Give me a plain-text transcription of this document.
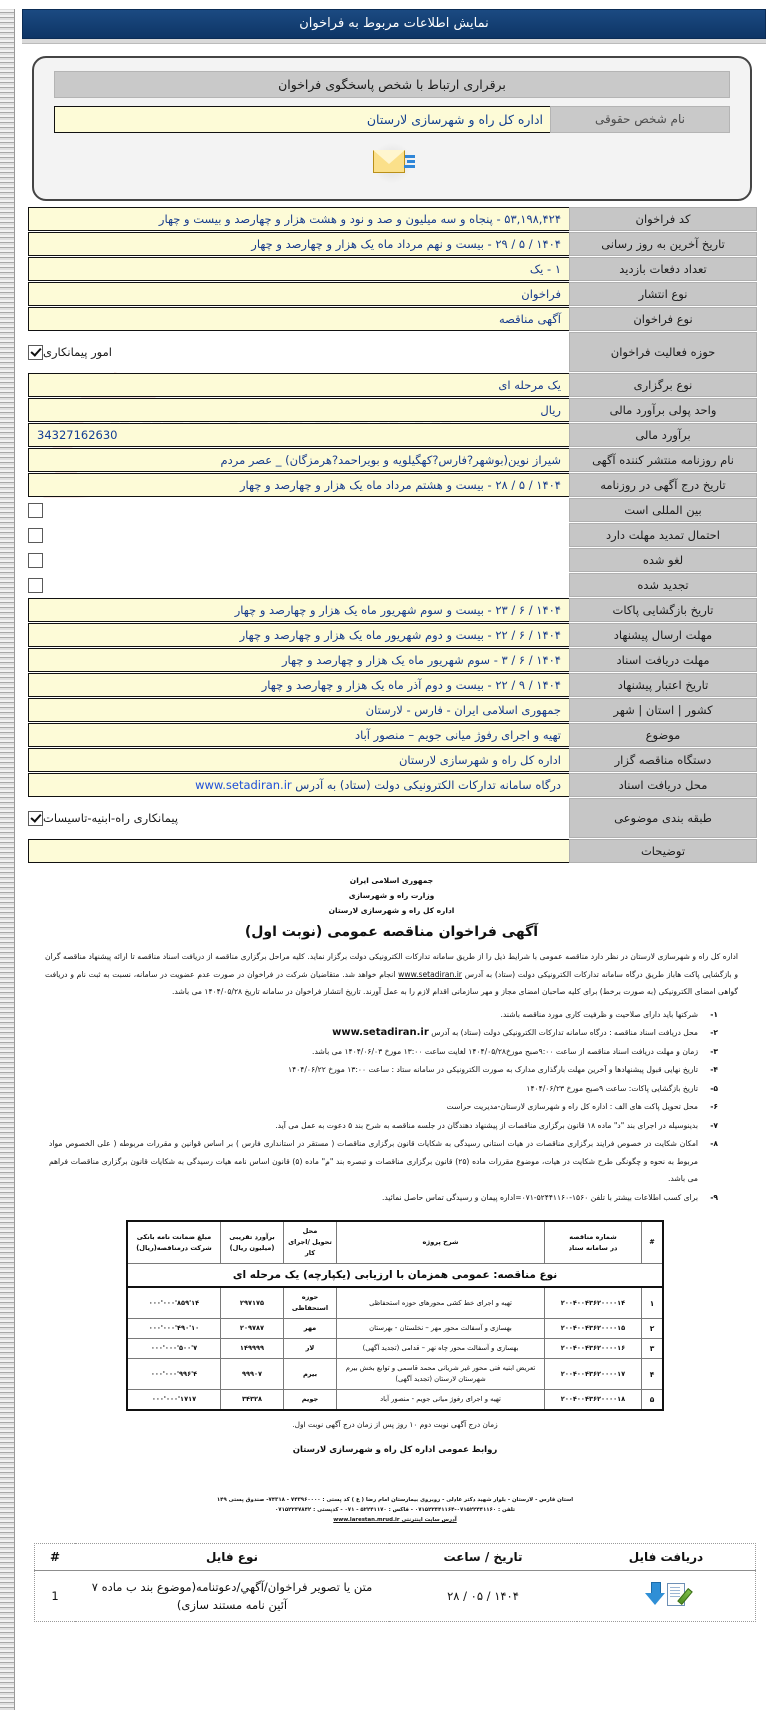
نمایش اطلاعات مربوط به فراخوان
برقراری ارتباط با شخص پاسخگوی فراخوان
نام شخص حقوقی
اداره کل راه و شهرسازی لارستان
کد فراخوان
۵۳,۱۹۸,۴۲۴ - پنجاه و سه میلیون و صد و نود و هشت هزار و چهارصد و بیست و چهار
تاریخ آخرین به روز رسانی
۱۴۰۴ / ۵ / ۲۹ - بیست و نهم مرداد ماه یک هزار و چهارصد و چهار
تعداد دفعات بازدید
۱ - یک
نوع انتشار
فراخوان
نوع فراخوان
آگهی مناقصه
حوزه فعالیت فراخوان
امور پیمانکاری
نوع برگزاری
یک مرحله ای
واحد پولی برآورد مالی
ریال
برآورد مالی
34327162630
نام روزنامه منتشر کننده آگهی
شیراز نوین(بوشهر?فارس?کهگیلویه و بویراحمد?هرمزگان) _ عصر مردم
تاریخ درج آگهی در روزنامه
۱۴۰۴ / ۵ / ۲۸ - بیست و هشتم مرداد ماه یک هزار و چهارصد و چهار
بین المللی است
احتمال تمدید مهلت دارد
لغو شده
تجدید شده
تاریخ بازگشایی پاکات
۱۴۰۴ / ۶ / ۲۳ - بیست و سوم شهریور ماه یک هزار و چهارصد و چهار
مهلت ارسال پیشنهاد
۱۴۰۴ / ۶ / ۲۲ - بیست و دوم شهریور ماه یک هزار و چهارصد و چهار
مهلت دریافت اسناد
۱۴۰۴ / ۶ / ۳ - سوم شهریور ماه یک هزار و چهارصد و چهار
تاریخ اعتبار پیشنهاد
۱۴۰۴ / ۹ / ۲۲ - بیست و دوم آذر ماه یک هزار و چهارصد و چهار
کشور | استان | شهر
جمهوری اسلامی ایران - فارس - لارستان
موضوع
تهیه و اجرای رفوژ میانی جویم – منصور آباد
دستگاه مناقصه گزار
اداره کل راه و شهرسازی لارستان
محل دریافت اسناد
درگاه سامانه تدارکات الکترونیکی دولت (ستاد) به آدرس www.setadiran.ir
طبقه بندی موضوعی
پیمانکاری راه-ابنیه-تاسیسات
توضیحات
جمهوری اسلامی ایران
وزارت راه و شهرسازی
اداره کل راه و شهرسازی لارستان
آگهی فراخوان مناقصه عمومی (نوبت اول)
اداره کل راه و شهرسازی لارستان در نظر دارد مناقصه عمومی با شرایط ذیل را از طریق سامانه تدارکات الکترونیکی دولت برگزار نماید. کلیه مراحل برگزاری مناقصه از دریافت اسناد مناقصه تا ارائه پیشنهاد مناقصه گران و بازگشایی پاکت هاباز طریق درگاه سامانه تدارکات الکترونیکی دولت (ستاد) به آدرس www.setadiran.ir انجام خواهد شد. متقاضیان شرکت در فراخوان در صورت عدم عضویت در سامانه، نسبت به ثبت نام و دریافت گواهی امضای الکترونیکی (به صورت برخط) برای کلیه صاحبان امضای مجاز و مهر سازمانی اقدام لازم را به عمل آورند. تاریخ انتشار فراخوان در سامانه تاریخ ۱۴۰۴/۰۵/۲۸ می باشد.
۱-
شرکتها باید دارای صلاحیت و ظرفیت کاری مورد مناقصه باشند.
۲-
محل دریافت اسناد مناقصه : درگاه سامانه تدارکات الکترونیکی دولت (ستاد) به آدرس www.setadiran.ir
۳-
زمان و مهلت دریافت اسناد مناقصه از ساعت ۹:۰۰صبح مورخ۱۴۰۴/۰۵/۲۸ لغایت ساعت ۱۳:۰۰ مورخ ۱۴۰۴/۰۶/۰۳ می باشد.
۴-
تاریخ نهایی قبول پیشنهادها و آخرین مهلت بارگذاری مدارک به صورت الکترونیکی در سامانه ستاد : ساعت ۱۳:۰۰ مورخ ۱۴۰۴/۰۶/۲۲
۵-
تاریخ بازگشایی پاکات: ساعت ۹صبح مورخ ۱۴۰۴/۰۶/۲۳
۶-
محل تحویل پاکت های الف : اداره کل راه و شهرسازی لارستان-مدیریت حراست
۷-
بدینوسیله در اجرای بند "د" ماده ۱۸ قانون برگزاری مناقصات از پیشنهاد دهندگان در جلسه مناقصه به شرح بند ۵ دعوت به عمل می آید.
۸-
امکان شکایت در خصوص فرایند برگزاری مناقصات در هیات استانی رسیدگی به شکایات قانون برگزاری مناقصات ( مستقر در استانداری فارس ) بر اساس قوانین و مقررات مربوطه ( علی الخصوص مواد مربوط به نحوه و چگونگی طرح شکایت در هیات، موضوع مقررات ماده (۲۵) قانون برگزاری مناقصات و تبصره بند "م" ماده (۵) قانون اساس نامه هیات رسیدگی به شکایات قانون برگزاری مناقصات فراهم می باشد.
۹-
برای کسب اطلاعات بیشتر با تلفن ۱۵۶۰-۵۲۴۴۱۱۶۰-۰۷۱=اداره پیمان و رسیدگی تماس حاصل نمائید.
نوع مناقصه: عمومی همزمان با ارزیابی (یکپارچه) یک مرحله ای					
#	شماره مناقصه
در سامانه ستاد	شرح پروژه	محل
تحویل /اجرای کار	برآورد تقریبی
(میلیون ریال)	مبلغ ضمانت نامه بانکی
شرکت درمناقصه(ریال)
۱	۲۰۰۴۰۰۴۳۶۲۰۰۰۰۱۴	تهیه و اجرای خط کشی محورهای حوزه استحفاظی	حوزه استحفاظی	۲۹۷۱۷۵	۱۴'۸۵۹'۰۰۰'۰۰۰
۲	۲۰۰۴۰۰۴۳۶۲۰۰۰۰۱۵	بهسازی و آسفالت محور مهر – نخلستان - بهرستان	مهر	۲۰۹۷۸۷	۱۰'۴۹۰'۰۰۰'۰۰۰
۳	۲۰۰۴۰۰۴۳۶۲۰۰۰۰۱۶	بهسازی و آسفالت محور چاه نهر – قدامی (تجدید آگهی)	لار	۱۴۹۹۹۹	۷'۵۰۰'۰۰۰'۰۰۰
۴	۲۰۰۴۰۰۴۳۶۲۰۰۰۰۱۷	تعریض ابنیه فنی محور غیر شریانی محمد قاسمی و توابع بخش بیرم شهرستان لارستان (تجدید آگهی)	بیرم	۹۹۹۰۷	۴'۹۹۶'۰۰۰'۰۰۰
۵	۲۰۰۴۰۰۴۳۶۲۰۰۰۰۱۸	تهیه و اجرای رفوژ میانی جویم - منصور آباد	جویم	۳۴۳۲۸	۱۷۱۷'۰۰۰'۰۰۰
زمان درج آگهی نوبت دوم ۱۰ روز پس از زمان درج آگهی نوبت اول.
روابط عمومی اداره کل راه و شهرسازی لارستان
استان فارس - لارستان - بلوار شهید دکتر عادلی - روبروی بیمارستان امام رضا ( ع ) کد پستی : ۷۴۳۹۶۰۰۰۰ - ۷۴۳۱۸- صندوق پستی ۱۴۹
تلفن : ۰۷۱۵۲۲۴۴۱۱۶۰-۰۷۱۵۲۲۴۴۱۱۶۴ - فاکس : ۵۲۲۴۱۱۷۰ - ۰۷۱ - کدپستی : ۰۷۱۵۲۲۴۷۸۴۲
آدرس سایت اینترنتی www.larestan.mrud.ir
دریافت فایل	تاریخ / ساعت	نوع فایل	#

	۱۴۰۴ / ۰۵ / ۲۸	متن یا تصویر فراخوان/آگهي/دعوتنامه(موضوع بند ب ماده ۷ آئین نامه مستند سازی)	1
